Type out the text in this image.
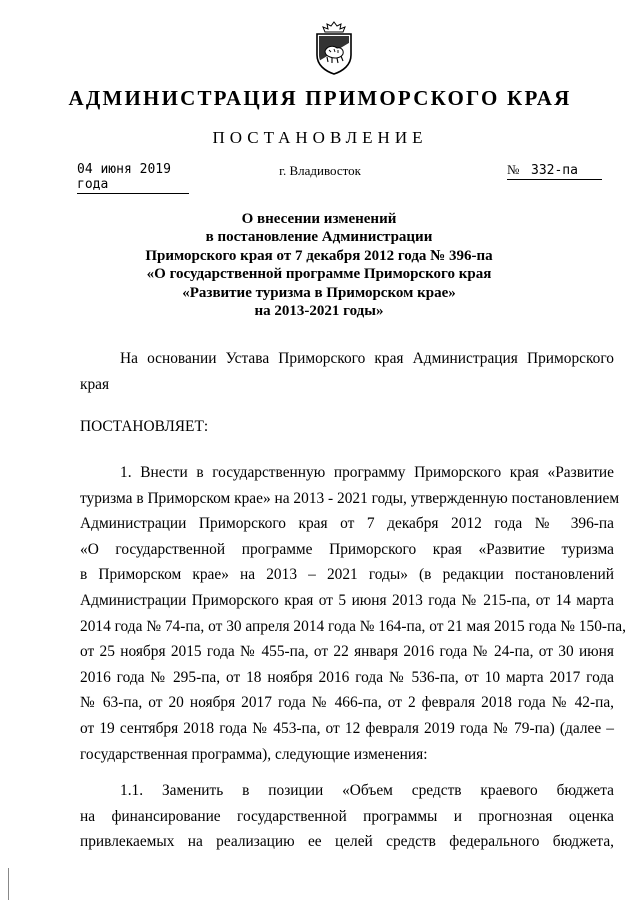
АДМИНИСТРАЦИЯ ПРИМОРСКОГО КРАЯ
ПОСТАНОВЛЕНИЕ
04 июня 2019 года
г. Владивосток	№ 332-па
О внесении изменений
в постановление Администрации
Приморского края от 7 декабря 2012 года № 396-па
«О государственной программе Приморского края
«Развитие туризма в Приморском крае»
на 2013-2021 годы»
На основании Устава Приморского края Администрация Приморского
края
ПОСТАНОВЛЯЕТ:
1. Внести в государственную программу Приморского края «Развитие
туризма в Приморском крае» на 2013 - 2021 годы, утвержденную постановлением
Администрации Приморского края от 7 декабря 2012 года № 396-па
«О государственной программе Приморского края «Развитие туризма
в Приморском крае» на 2013 – 2021 годы» (в редакции постановлений
Администрации Приморского края от 5 июня 2013 года № 215-па, от 14 марта
2014 года № 74-па, от 30 апреля 2014 года № 164-па, от 21 мая 2015 года № 150-па,
от 25 ноября 2015 года № 455-па, от 22 января 2016 года № 24-па, от 30 июня
2016 года № 295-па, от 18 ноября 2016 года № 536-па, от 10 марта 2017 года
№ 63-па, от 20 ноября 2017 года № 466-па, от 2 февраля 2018 года № 42-па,
от 19 сентября 2018 года № 453-па, от 12 февраля 2019 года № 79-па) (далее –
государственная программа), следующие изменения:
1.1. Заменить в позиции «Объем средств краевого бюджета
на финансирование государственной программы и прогнозная оценка
привлекаемых на реализацию ее целей средств федерального бюджета,
